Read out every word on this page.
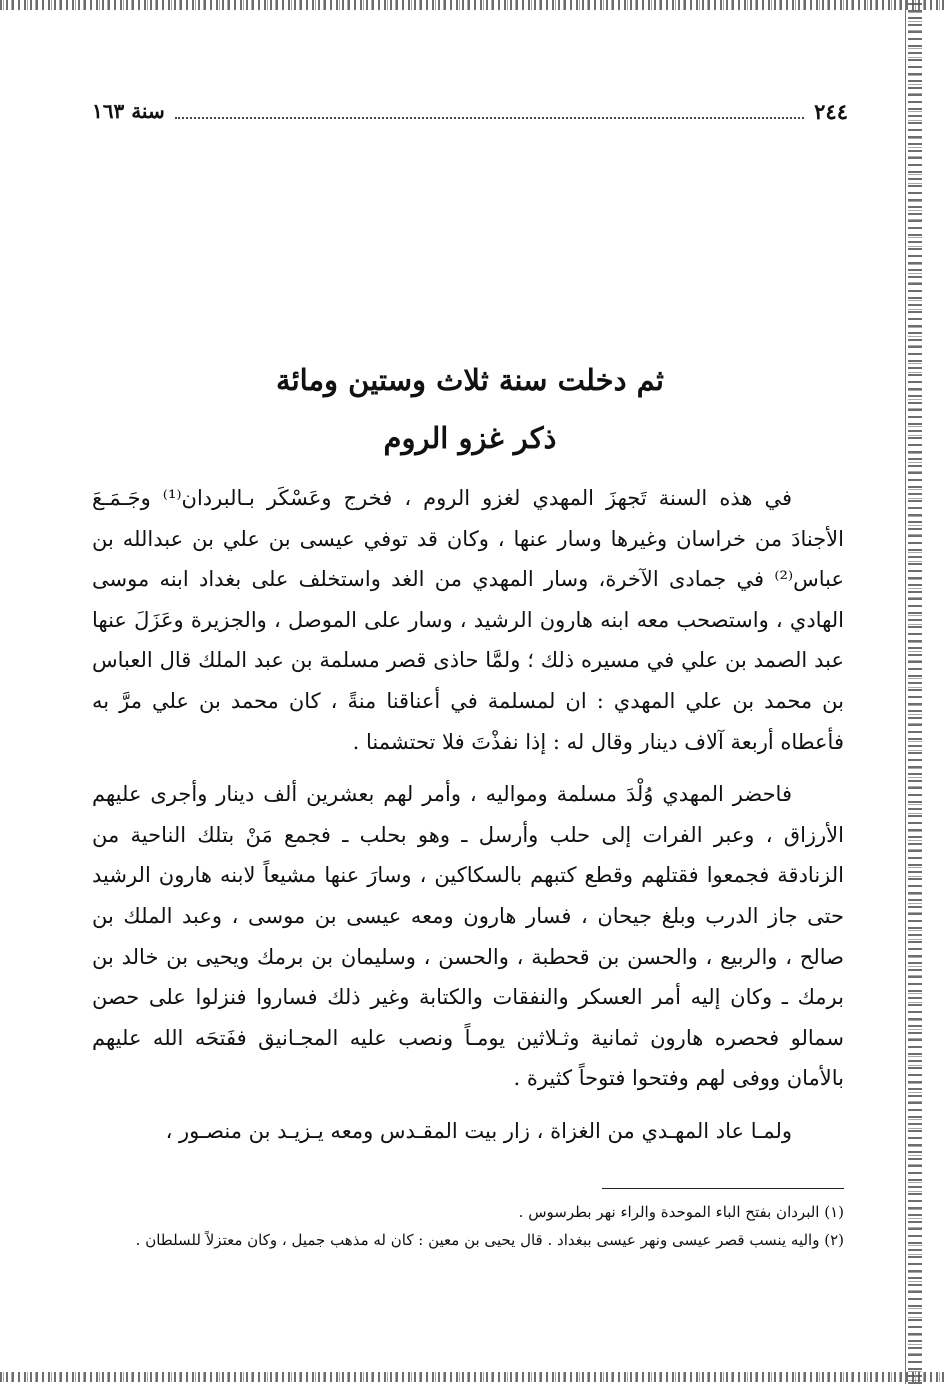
٢٤٤
سنة ١٦٣
ثم دخلت سنة ثلاث وستين ومائة
ذكر غزو الروم

في هذه السنة تَجهزَ المهدي لغزو الروم ، فخرج وعَسْكَر بـالبردان⁽¹⁾ وجَـمَـعَ الأجنادَ من خراسان وغيرها وسار عنها ، وكان قد توفي عيسى بن علي بن عبدالله بن عباس⁽²⁾ في جمادى الآخرة، وسار المهدي من الغد واستخلف على بغداد ابنه موسى الهادي ، واستصحب معه ابنه هارون الرشيد ، وسار على الموصل ، والجزيرة وعَزَلَ عنها عبد الصمد بن علي في مسيره ذلك ؛ ولمَّا حاذى قصر مسلمة بن عبد الملك قال العباس بن محمد بن علي المهدي : ان لمسلمة في أعناقنا منةً ، كان محمد بن علي مرَّ به فأعطاه أربعة آلاف دينار وقال له : إذا نفذْتَ فلا تحتشمنا .

فاحضر المهدي وُلْدَ مسلمة ومواليه ، وأمر لهم بعشرين ألف دينار وأجرى عليهم الأرزاق ، وعبر الفرات إلى حلب وأرسل ـ وهو بحلب ـ فجمع مَنْ بتلك الناحية من الزنادقة فجمعوا فقتلهم وقطع كتبهم بالسكاكين ، وسارَ عنها مشيعاً لابنه هارون الرشيد حتى جاز الدرب وبلغ جيحان ، فسار هارون ومعه عيسى بن موسى ، وعبد الملك بن صالح ، والربيع ، والحسن بن قحطبة ، والحسن ، وسليمان بن برمك ويحيى بن خالد بن برمك ـ وكان إليه أمر العسكر والنفقات والكتابة وغير ذلك فساروا فنزلوا على حصن سمالو فحصره هارون ثمانية وثـلاثين يومـاً ونصب عليه المجـانيق ففَتحَه الله عليهم بالأمان ووفى لهم وفتحوا فتوحاً كثيرة .

ولمـا عاد المهـدي من الغزاة ، زار بيت المقـدس ومعه يـزيـد بن منصـور ،

(١) البردان بفتح الباء الموحدة والراء نهر بطرسوس .

(٢) واليه ينسب قصر عيسى ونهر عيسى ببغداد . قال يحيى بن معين : كان له مذهب جميل ، وكان معتزلاً للسلطان .
